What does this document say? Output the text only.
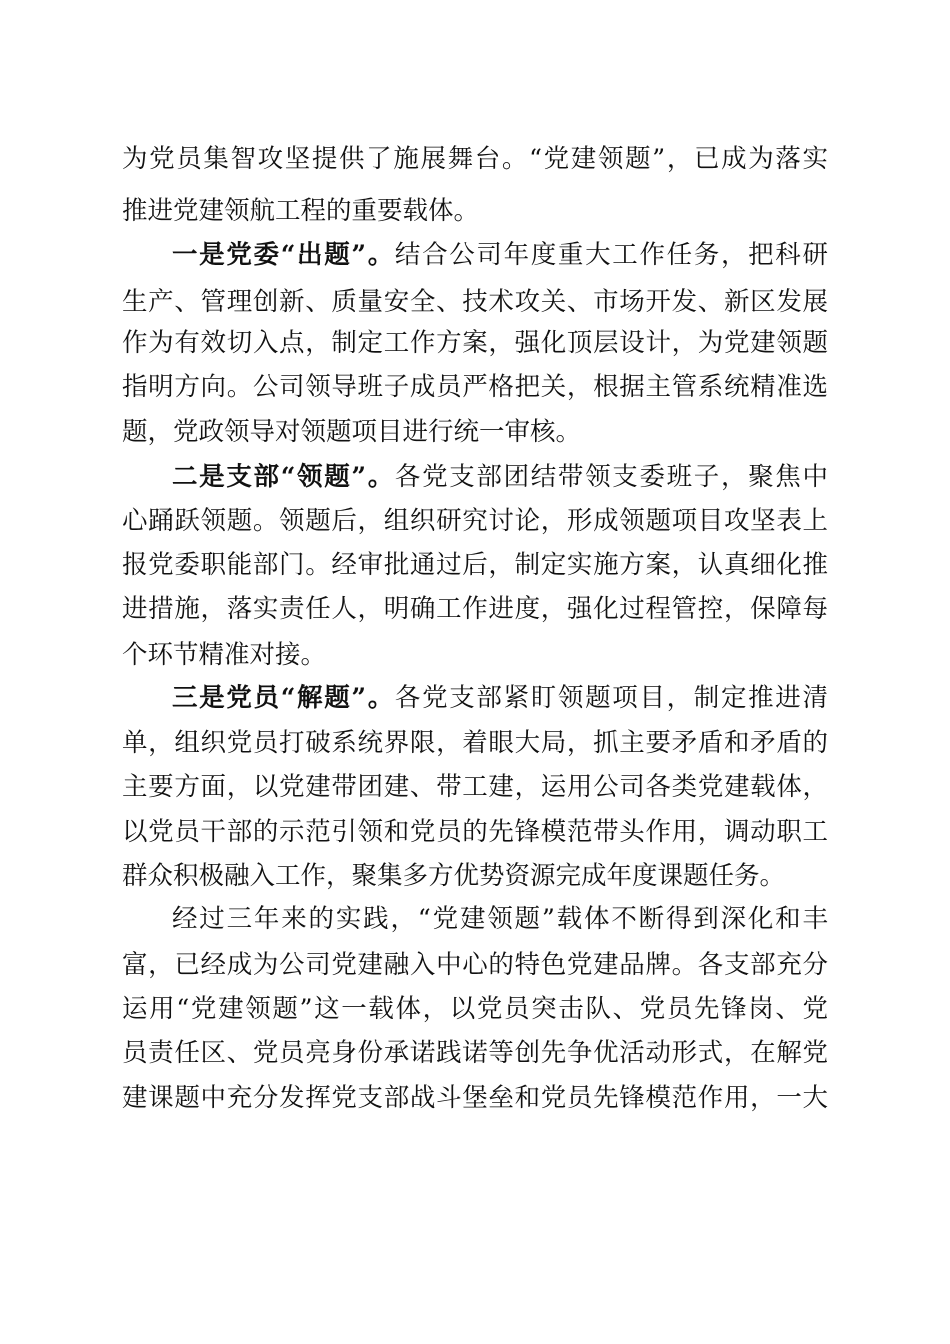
为党员集智攻坚提供了施展舞台。“党建领题”，已成为落实
推进党建领航工程的重要载体。
一是党委“出题”。结合公司年度重大工作任务，把科研
生产、管理创新、质量安全、技术攻关、市场开发、新区发展
作为有效切入点，制定工作方案，强化顶层设计，为党建领题
指明方向。公司领导班子成员严格把关，根据主管系统精准选
题，党政领导对领题项目进行统一审核。
二是支部“领题”。各党支部团结带领支委班子，聚焦中
心踊跃领题。领题后，组织研究讨论，形成领题项目攻坚表上
报党委职能部门。经审批通过后，制定实施方案，认真细化推
进措施，落实责任人，明确工作进度，强化过程管控，保障每
个环节精准对接。
三是党员“解题”。各党支部紧盯领题项目，制定推进清
单，组织党员打破系统界限，着眼大局，抓主要矛盾和矛盾的
主要方面，以党建带团建、带工建，运用公司各类党建载体，
以党员干部的示范引领和党员的先锋模范带头作用，调动职工
群众积极融入工作，聚集多方优势资源完成年度课题任务。
经过三年来的实践，“党建领题”载体不断得到深化和丰
富，已经成为公司党建融入中心的特色党建品牌。各支部充分
运用“党建领题”这一载体，以党员突击队、党员先锋岗、党
员责任区、党员亮身份承诺践诺等创先争优活动形式，在解党
建课题中充分发挥党支部战斗堡垒和党员先锋模范作用，一大
